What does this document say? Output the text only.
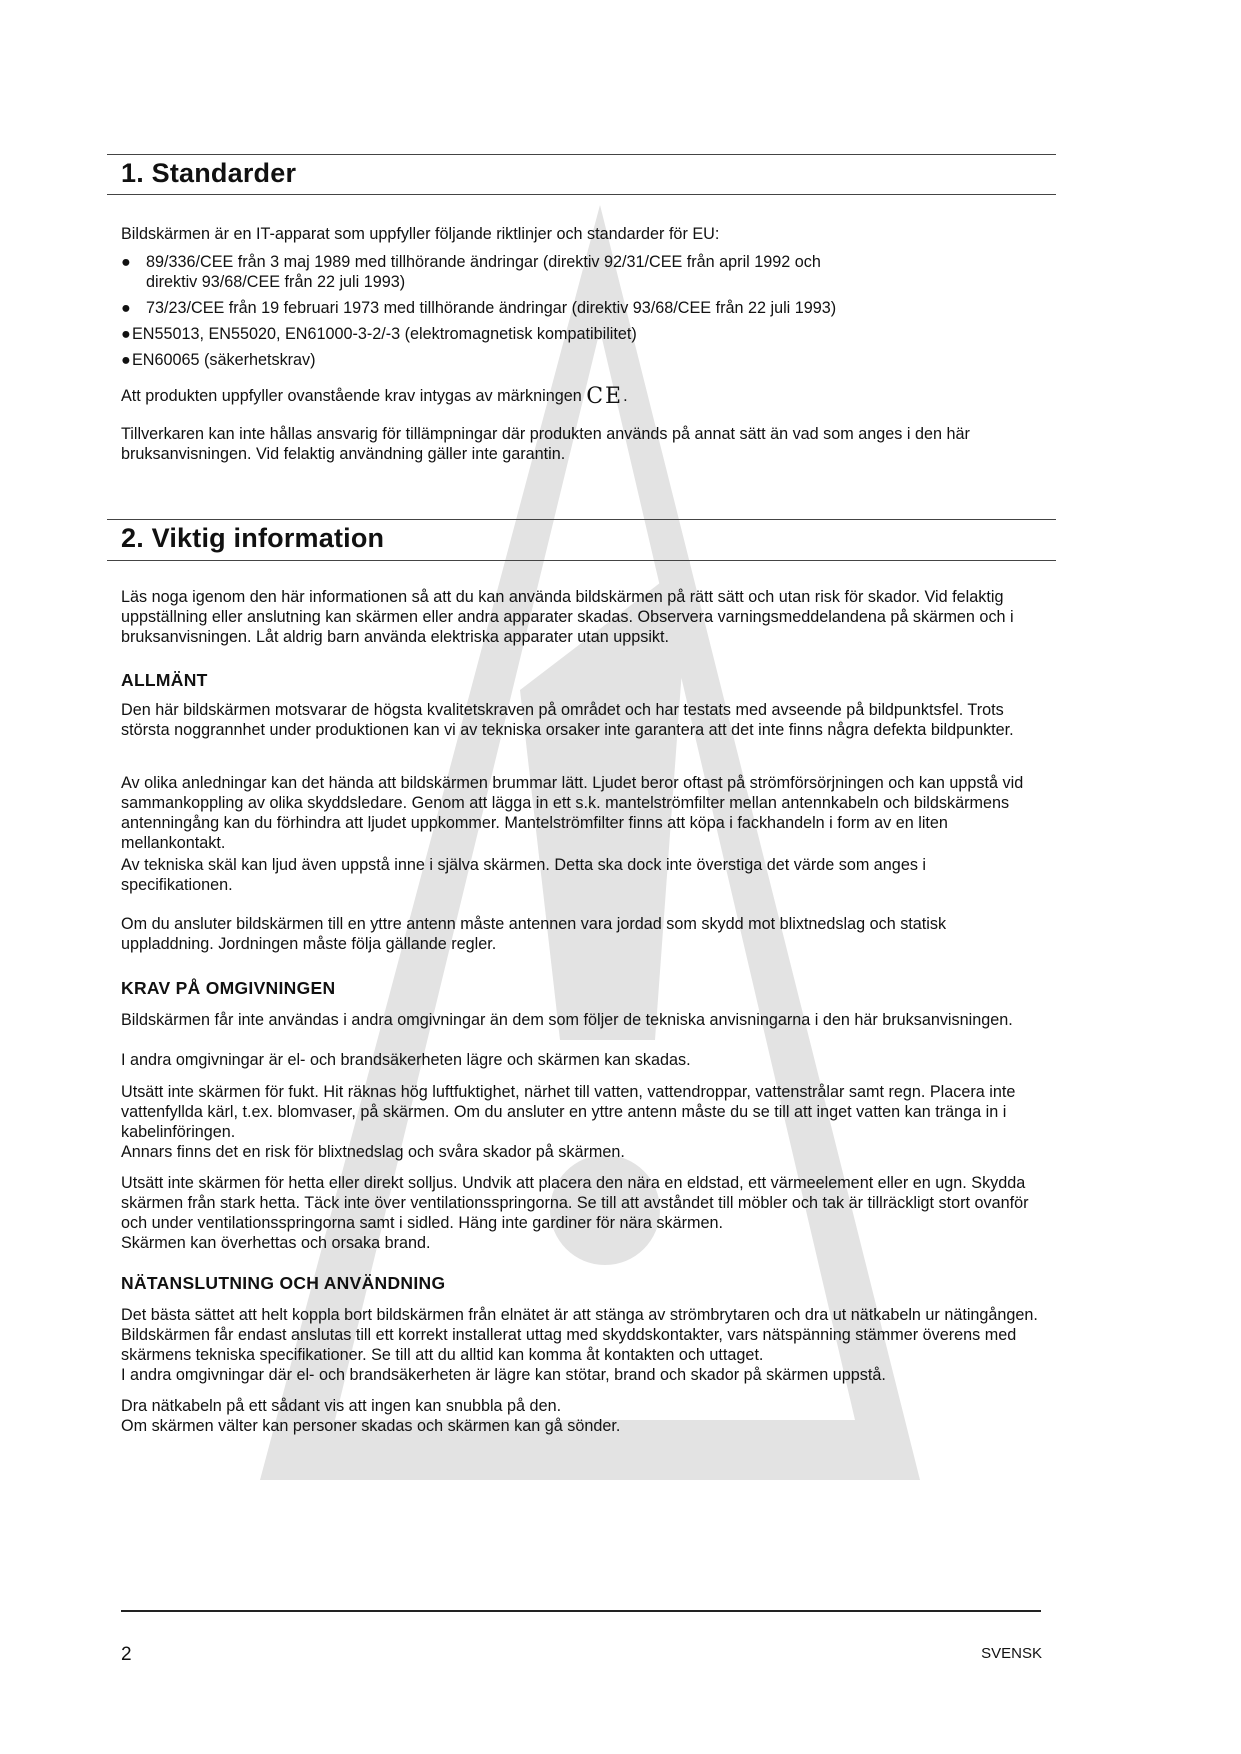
1. Standarder

Bildskärmen är en IT-apparat som uppfyller följande riktlinjer och standarder för EU:

● 89/336/CEE från 3 maj 1989 med tillhörande ändringar (direktiv 92/31/CEE från april 1992 och
direktiv 93/68/CEE från 22 juli 1993)
● 73/23/CEE från 19 februari 1973 med tillhörande ändringar (direktiv 93/68/CEE från 22 juli 1993)
● EN55013, EN55020, EN61000-3-2/-3 (elektromagnetisk kompatibilitet)
● EN60065 (säkerhetskrav)

Att produkten uppfyller ovanstående krav intygas av märkningen CE.

Tillverkaren kan inte hållas ansvarig för tillämpningar där produkten används på annat sätt än vad som anges i den här bruksanvisningen. Vid felaktig användning gäller inte garantin.

2. Viktig information

Läs noga igenom den här informationen så att du kan använda bildskärmen på rätt sätt och utan risk för skador. Vid felaktig uppställning eller anslutning kan skärmen eller andra apparater skadas. Observera varningsmeddelandena på skärmen och i bruksanvisningen. Låt aldrig barn använda elektriska apparater utan uppsikt.

ALLMÄNT

Den här bildskärmen motsvarar de högsta kvalitetskraven på området och har testats med avseende på bildpunktsfel. Trots största noggrannhet under produktionen kan vi av tekniska orsaker inte garantera att det inte finns några defekta bildpunkter.

Av olika anledningar kan det hända att bildskärmen brummar lätt. Ljudet beror oftast på strömförsörjningen och kan uppstå vid sammankoppling av olika skyddsledare. Genom att lägga in ett s.k. mantelströmfilter mellan antennkabeln och bildskärmens antenningång kan du förhindra att ljudet uppkommer. Mantelströmfilter finns att köpa i fackhandeln i form av en liten mellankontakt.

Av tekniska skäl kan ljud även uppstå inne i själva skärmen. Detta ska dock inte överstiga det värde som anges i specifikationen.

Om du ansluter bildskärmen till en yttre antenn måste antennen vara jordad som skydd mot blixtnedslag och statisk uppladdning. Jordningen måste följa gällande regler.

KRAV PÅ OMGIVNINGEN

Bildskärmen får inte användas i andra omgivningar än dem som följer de tekniska anvisningarna i den här bruksanvisningen.

I andra omgivningar är el- och brandsäkerheten lägre och skärmen kan skadas.

Utsätt inte skärmen för fukt. Hit räknas hög luftfuktighet, närhet till vatten, vattendroppar, vattenstrålar samt regn. Placera inte vattenfyllda kärl, t.ex. blomvaser, på skärmen. Om du ansluter en yttre antenn måste du se till att inget vatten kan tränga in i kabelinföringen.

Annars finns det en risk för blixtnedslag och svåra skador på skärmen.

Utsätt inte skärmen för hetta eller direkt solljus. Undvik att placera den nära en eldstad, ett värmeelement eller en ugn. Skydda skärmen från stark hetta. Täck inte över ventilationsspringorna. Se till att avståndet till möbler och tak är tillräckligt stort ovanför och under ventilationsspringorna samt i sidled. Häng inte gardiner för nära skärmen.

Skärmen kan överhettas och orsaka brand.

NÄTANSLUTNING OCH ANVÄNDNING

Det bästa sättet att helt koppla bort bildskärmen från elnätet är att stänga av strömbrytaren och dra ut nätkabeln ur nätingången. Bildskärmen får endast anslutas till ett korrekt installerat uttag med skyddskontakter, vars nätspänning stämmer överens med skärmens tekniska specifikationer. Se till att du alltid kan komma åt kontakten och uttaget.

I andra omgivningar där el- och brandsäkerheten är lägre kan stötar, brand och skador på skärmen uppstå.

Dra nätkabeln på ett sådant vis att ingen kan snubbla på den.

Om skärmen välter kan personer skadas och skärmen kan gå sönder.

2	SVENSK
